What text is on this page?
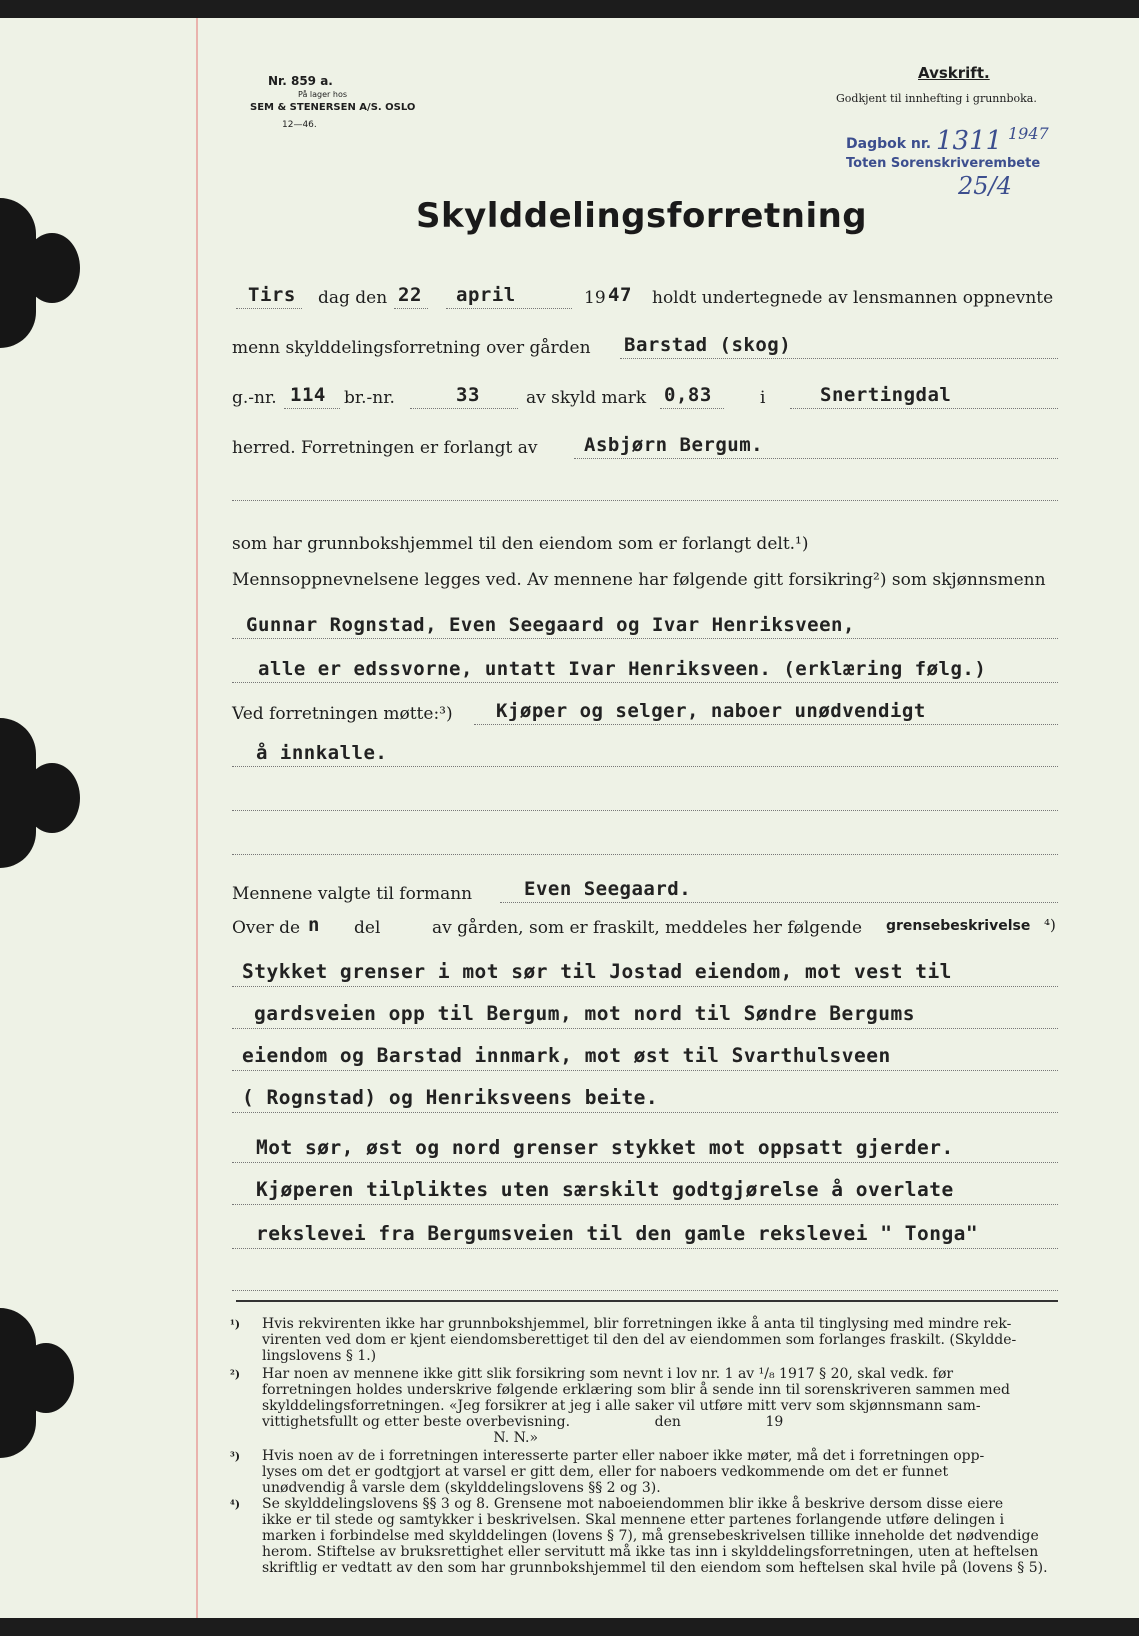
Nr. 859 a.
På lager hos
SEM & STENERSEN A/S. OSLO
12—46.
Avskrift.
Godkjent til innhefting i grunnboka.
Dagbok nr. 1311 1947
Toten Sorenskriverembete
25/4
Skylddelingsforretning
Tirs dag den 22 april	19 47 holdt undertegnede av lensmannen oppnevnte
menn skylddelingsforretning over gården Barstad (skog)
g.-nr. 114 br.-nr.	33	av skyld mark 0,83	i	Snertingdal
herred. Forretningen er forlangt av Asbjørn Bergum.
som har grunnbokshjemmel til den eiendom som er forlangt delt.¹)
Mennsoppnevnelsene legges ved. Av mennene har følgende gitt forsikring²) som skjønnsmenn
Gunnar Rognstad, Even Seegaard og Ivar Henriksveen,
alle er edssvorne, untatt Ivar Henriksveen. (erklæring følg.)
Ved forretningen møtte:³) Kjøper og selger, naboer unødvendigt
å innkalle.
Mennene valgte til formann	Even Seegaard.
Over de n del	av gården, som er fraskilt, meddeles her følgende grensebeskrivelse ⁴)
Stykket grenser i mot sør til Jostad eiendom, mot vest til
gardsveien opp til Bergum, mot nord til Søndre Bergums
eiendom og Barstad innmark, mot øst til Svarthulsveen
( Rognstad) og Henriksveens beite.
Mot sør, øst og nord grenser stykket mot oppsatt gjerder.
Kjøperen tilpliktes uten særskilt godtgjørelse å overlate
rekslevei fra Bergumsveien til den gamle rekslevei " Tonga"
¹) Hvis rekvirenten ikke har grunnbokshjemmel, blir forretningen ikke å anta til tinglysing med mindre rek-
virenten ved dom er kjent eiendomsberettiget til den del av eiendommen som forlanges fraskilt. (Skyldde-
lingslovens § 1.)
²) Har noen av mennene ikke gitt slik forsikring som nevnt i lov nr. 1 av ¹/₈ 1917 § 20, skal vedk. før
forretningen holdes underskrive følgende erklæring som blir å sende inn til sorenskriveren sammen med
skylddelingsforretningen. «Jeg forsikrer at jeg i alle saker vil utføre mitt verv som skjønnsmann sam-
vittighetsfullt og etter beste overbevisning.                   den                   19
N. N.»
³) Hvis noen av de i forretningen interesserte parter eller naboer ikke møter, må det i forretningen opp-
lyses om det er godtgjort at varsel er gitt dem, eller for naboers vedkommende om det er funnet
unødvendig å varsle dem (skylddelingslovens §§ 2 og 3).
⁴) Se skylddelingslovens §§ 3 og 8. Grensene mot naboeiendommen blir ikke å beskrive dersom disse eiere
ikke er til stede og samtykker i beskrivelsen. Skal mennene etter partenes forlangende utføre delingen i
marken i forbindelse med skylddelingen (lovens § 7), må grensebeskrivelsen tillike inneholde det nødvendige
herom. Stiftelse av bruksrettighet eller servitutt må ikke tas inn i skylddelingsforretningen, uten at heftelsen
skriftlig er vedtatt av den som har grunnbokshjemmel til den eiendom som heftelsen skal hvile på (lovens § 5).
